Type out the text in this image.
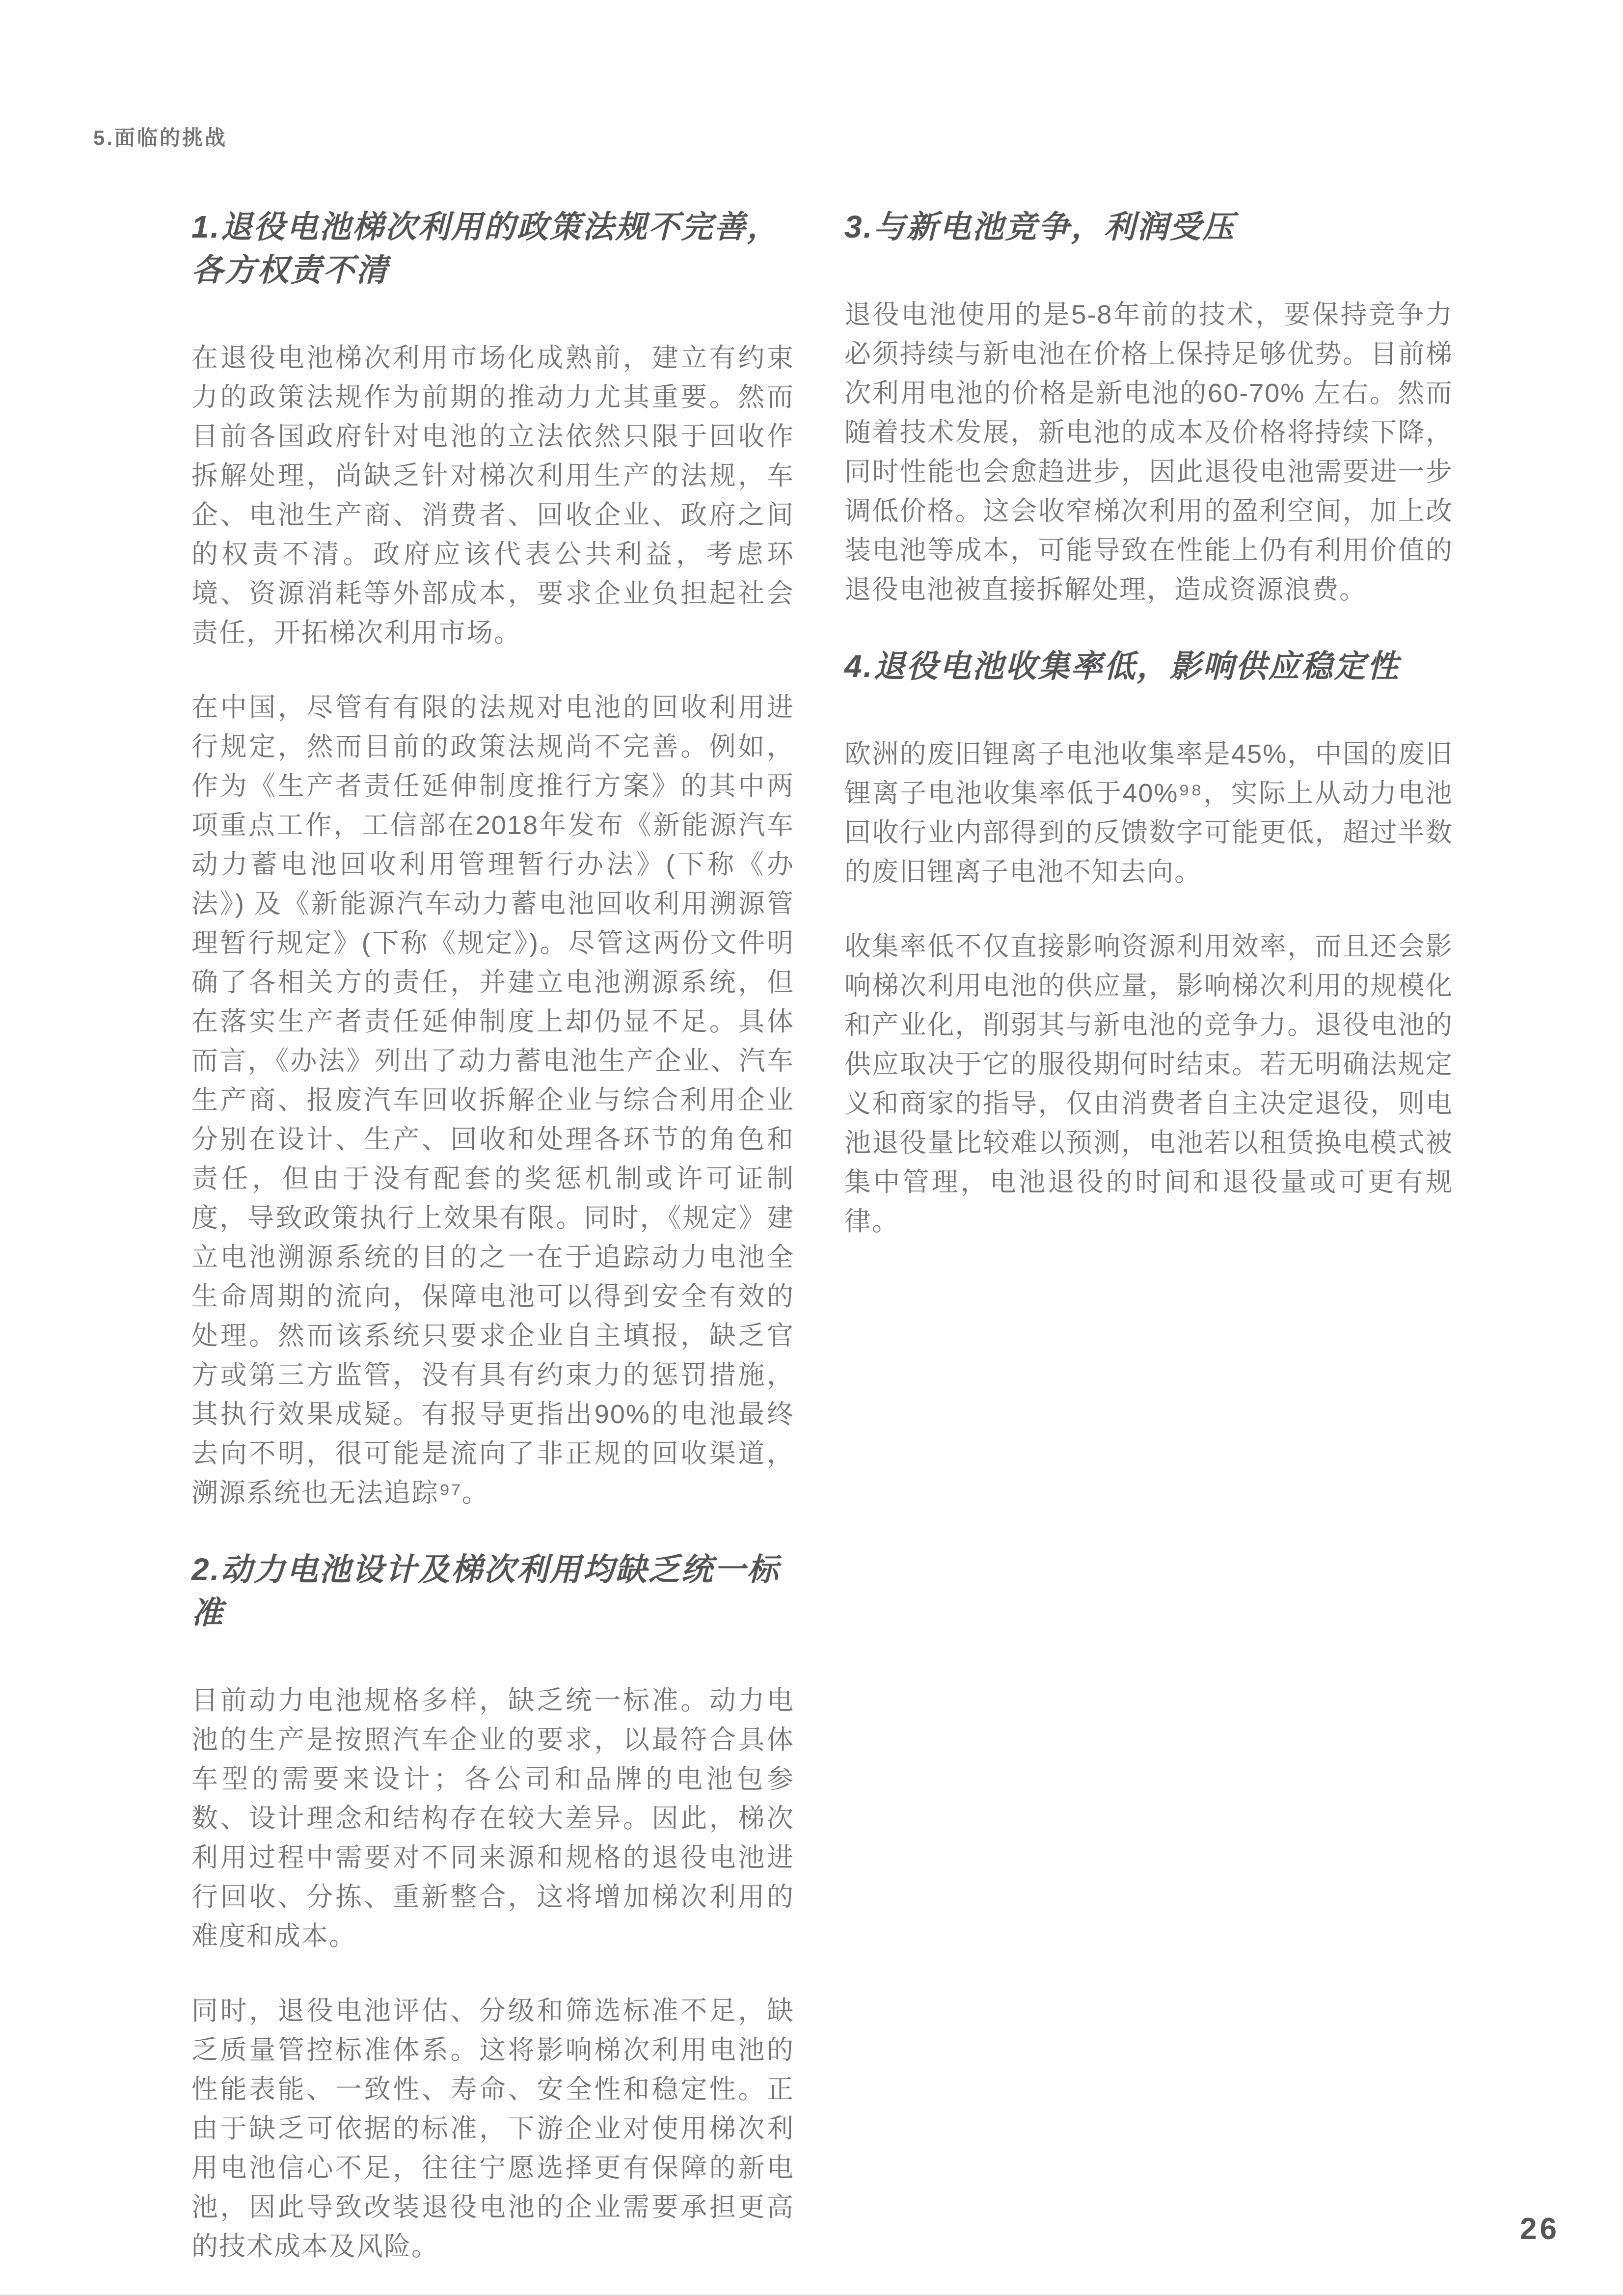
5.面临的挑战
1.退役电池梯次利用的政策法规不完善，各方权责不清

在退役电池梯次利用市场化成熟前，建立有约束力的政策法规作为前期的推动力尤其重要。然而目前各国政府针对电池的立法依然只限于回收作拆解处理，尚缺乏针对梯次利用生产的法规，车企、电池生产商、消费者、回收企业、政府之间的权责不清。政府应该代表公共利益，考虑环境、资源消耗等外部成本，要求企业负担起社会责任，开拓梯次利用市场。

在中国，尽管有有限的法规对电池的回收利用进行规定，然而目前的政策法规尚不完善。例如，作为《生产者责任延伸制度推行方案》的其中两项重点工作，工信部在2018年发布《新能源汽车动力蓄电池回收利用管理暂行办法》(下称《办法》) 及《新能源汽车动力蓄电池回收利用溯源管理暂行规定》(下称《规定》)。尽管这两份文件明确了各相关方的责任，并建立电池溯源系统，但在落实生产者责任延伸制度上却仍显不足。具体而言，《办法》列出了动力蓄电池生产企业、汽车生产商、报废汽车回收拆解企业与综合利用企业分别在设计、生产、回收和处理各环节的角色和责任，但由于没有配套的奖惩机制或许可证制度，导致政策执行上效果有限。同时，《规定》建立电池溯源系统的目的之一在于追踪动力电池全生命周期的流向，保障电池可以得到安全有效的处理。然而该系统只要求企业自主填报，缺乏官方或第三方监管，没有具有约束力的惩罚措施，其执行效果成疑。有报导更指出90%的电池最终去向不明，很可能是流向了非正规的回收渠道，溯源系统也无法追踪⁹⁷。

2.动力电池设计及梯次利用均缺乏统一标准

目前动力电池规格多样，缺乏统一标准。动力电池的生产是按照汽车企业的要求，以最符合具体车型的需要来设计；各公司和品牌的电池包参数、设计理念和结构存在较大差异。因此，梯次利用过程中需要对不同来源和规格的退役电池进行回收、分拣、重新整合，这将增加梯次利用的难度和成本。

同时，退役电池评估、分级和筛选标准不足，缺乏质量管控标准体系。这将影响梯次利用电池的性能表能、一致性、寿命、安全性和稳定性。正由于缺乏可依据的标准，下游企业对使用梯次利用电池信心不足，往往宁愿选择更有保障的新电池，因此导致改装退役电池的企业需要承担更高的技术成本及风险。

3.与新电池竞争，利润受压

退役电池使用的是5-8年前的技术，要保持竞争力必须持续与新电池在价格上保持足够优势。目前梯次利用电池的价格是新电池的60-70% 左右。然而随着技术发展，新电池的成本及价格将持续下降，同时性能也会愈趋进步，因此退役电池需要进一步调低价格。这会收窄梯次利用的盈利空间，加上改装电池等成本，可能导致在性能上仍有利用价值的退役电池被直接拆解处理，造成资源浪费。

4.退役电池收集率低，影响供应稳定性

欧洲的废旧锂离子电池收集率是45%，中国的废旧锂离子电池收集率低于40%⁹⁸，实际上从动力电池回收行业内部得到的反馈数字可能更低，超过半数的废旧锂离子电池不知去向。

收集率低不仅直接影响资源利用效率，而且还会影响梯次利用电池的供应量，影响梯次利用的规模化和产业化，削弱其与新电池的竞争力。退役电池的供应取决于它的服役期何时结束。若无明确法规定义和商家的指导，仅由消费者自主决定退役，则电池退役量比较难以预测，电池若以租赁换电模式被集中管理，电池退役的时间和退役量或可更有规律。

26
